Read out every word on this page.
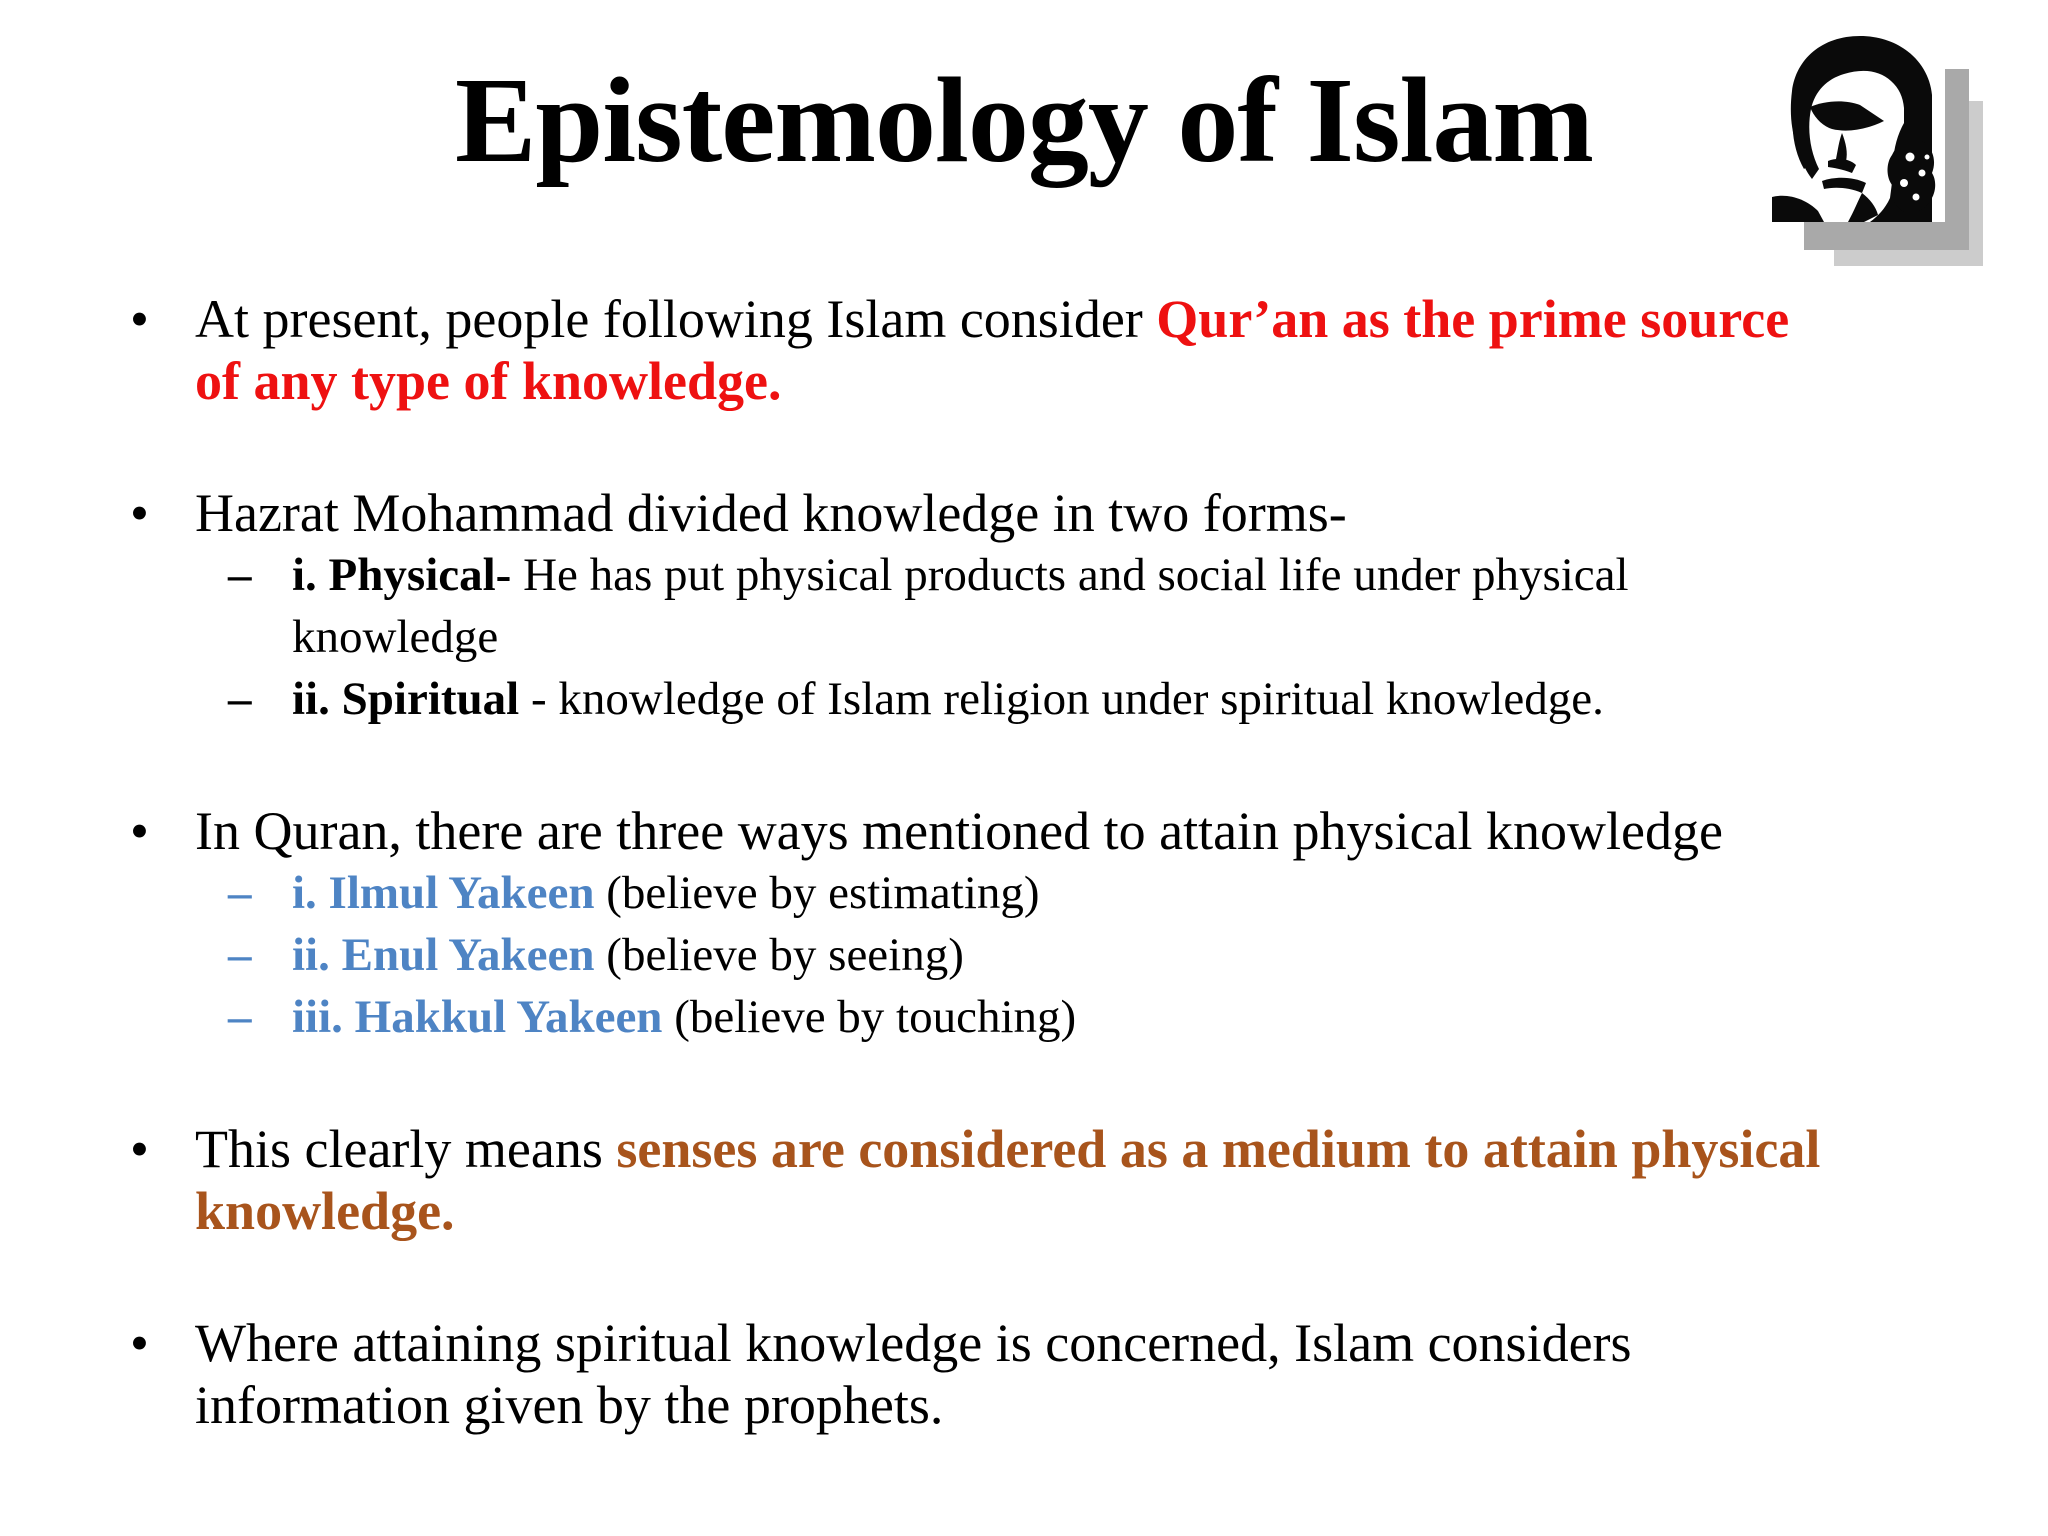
Epistemology of Islam
• At present, people following Islam consider Qur’an as the prime source
of any type of knowledge.
• Hazrat Mohammad divided knowledge in two forms-
– i. Physical- He has put physical products and social life under physical
knowledge
– ii. Spiritual - knowledge of Islam religion under spiritual knowledge.
• In Quran, there are three ways mentioned to attain physical knowledge
– i. Ilmul Yakeen (believe by estimating)
– ii. Enul Yakeen (believe by seeing)
– iii. Hakkul Yakeen (believe by touching)
• This clearly means senses are considered as a medium to attain physical
knowledge.
• Where attaining spiritual knowledge is concerned, Islam considers
information given by the prophets.
